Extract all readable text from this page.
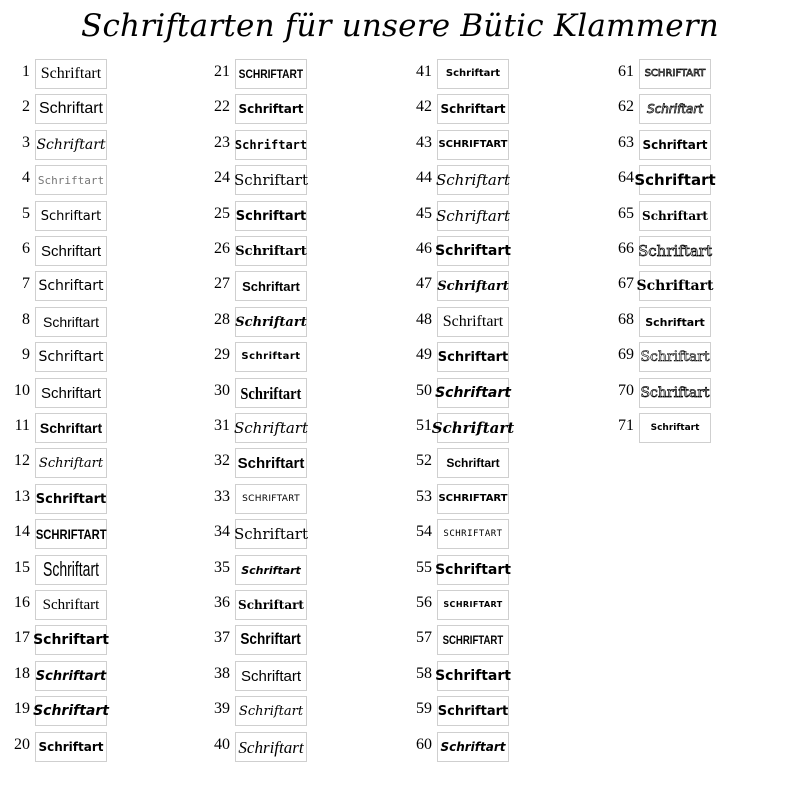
Schriftarten für unsere Bütic Klammern
1 Schriftart
2 Schriftart
3 Schriftart
4 Schriftart
5 Schriftart
6 Schriftart
7 Schriftart
8 Schriftart
9 Schriftart
10 Schriftart
11 Schriftart
12 Schriftart
13 Schriftart
14 SCHRIFTART
15 Schriftart
16 Schriftart
17 Schriftart
18 Schriftart
19 Schriftart
20 Schriftart
21 SCHRIFTART
22 Schriftart
23 Schriftart
24 Schriftart
25 Schriftart
26 Schriftart
27 Schriftart
28 Schriftart
29 Schriftart
30 Schriftart
31 Schriftart
32 Schriftart
33 SCHRIFTART
34 Schriftart
35 Schriftart
36 Schriftart
37 Schriftart
38 Schriftart
39 Schriftart
40 Schriftart
41 Schriftart
42 Schriftart
43 SCHRIFTART
44 Schriftart
45 Schriftart
46 Schriftart
47 Schriftart
48 Schriftart
49 Schriftart
50 Schriftart
51 Schriftart
52 Schriftart
53 SCHRIFTART
54 SCHRIFTART
55 Schriftart
56 SCHRIFTART
57 SCHRIFTART
58 Schriftart
59 Schriftart
60 Schriftart
61 SCHRIFTART
62 Schriftart
63 Schriftart
64 Schriftart
65 Schriftart
66 Schriftart
67 Schriftart
68 Schriftart
69 Schriftart
70 Schriftart
71 Schriftart
